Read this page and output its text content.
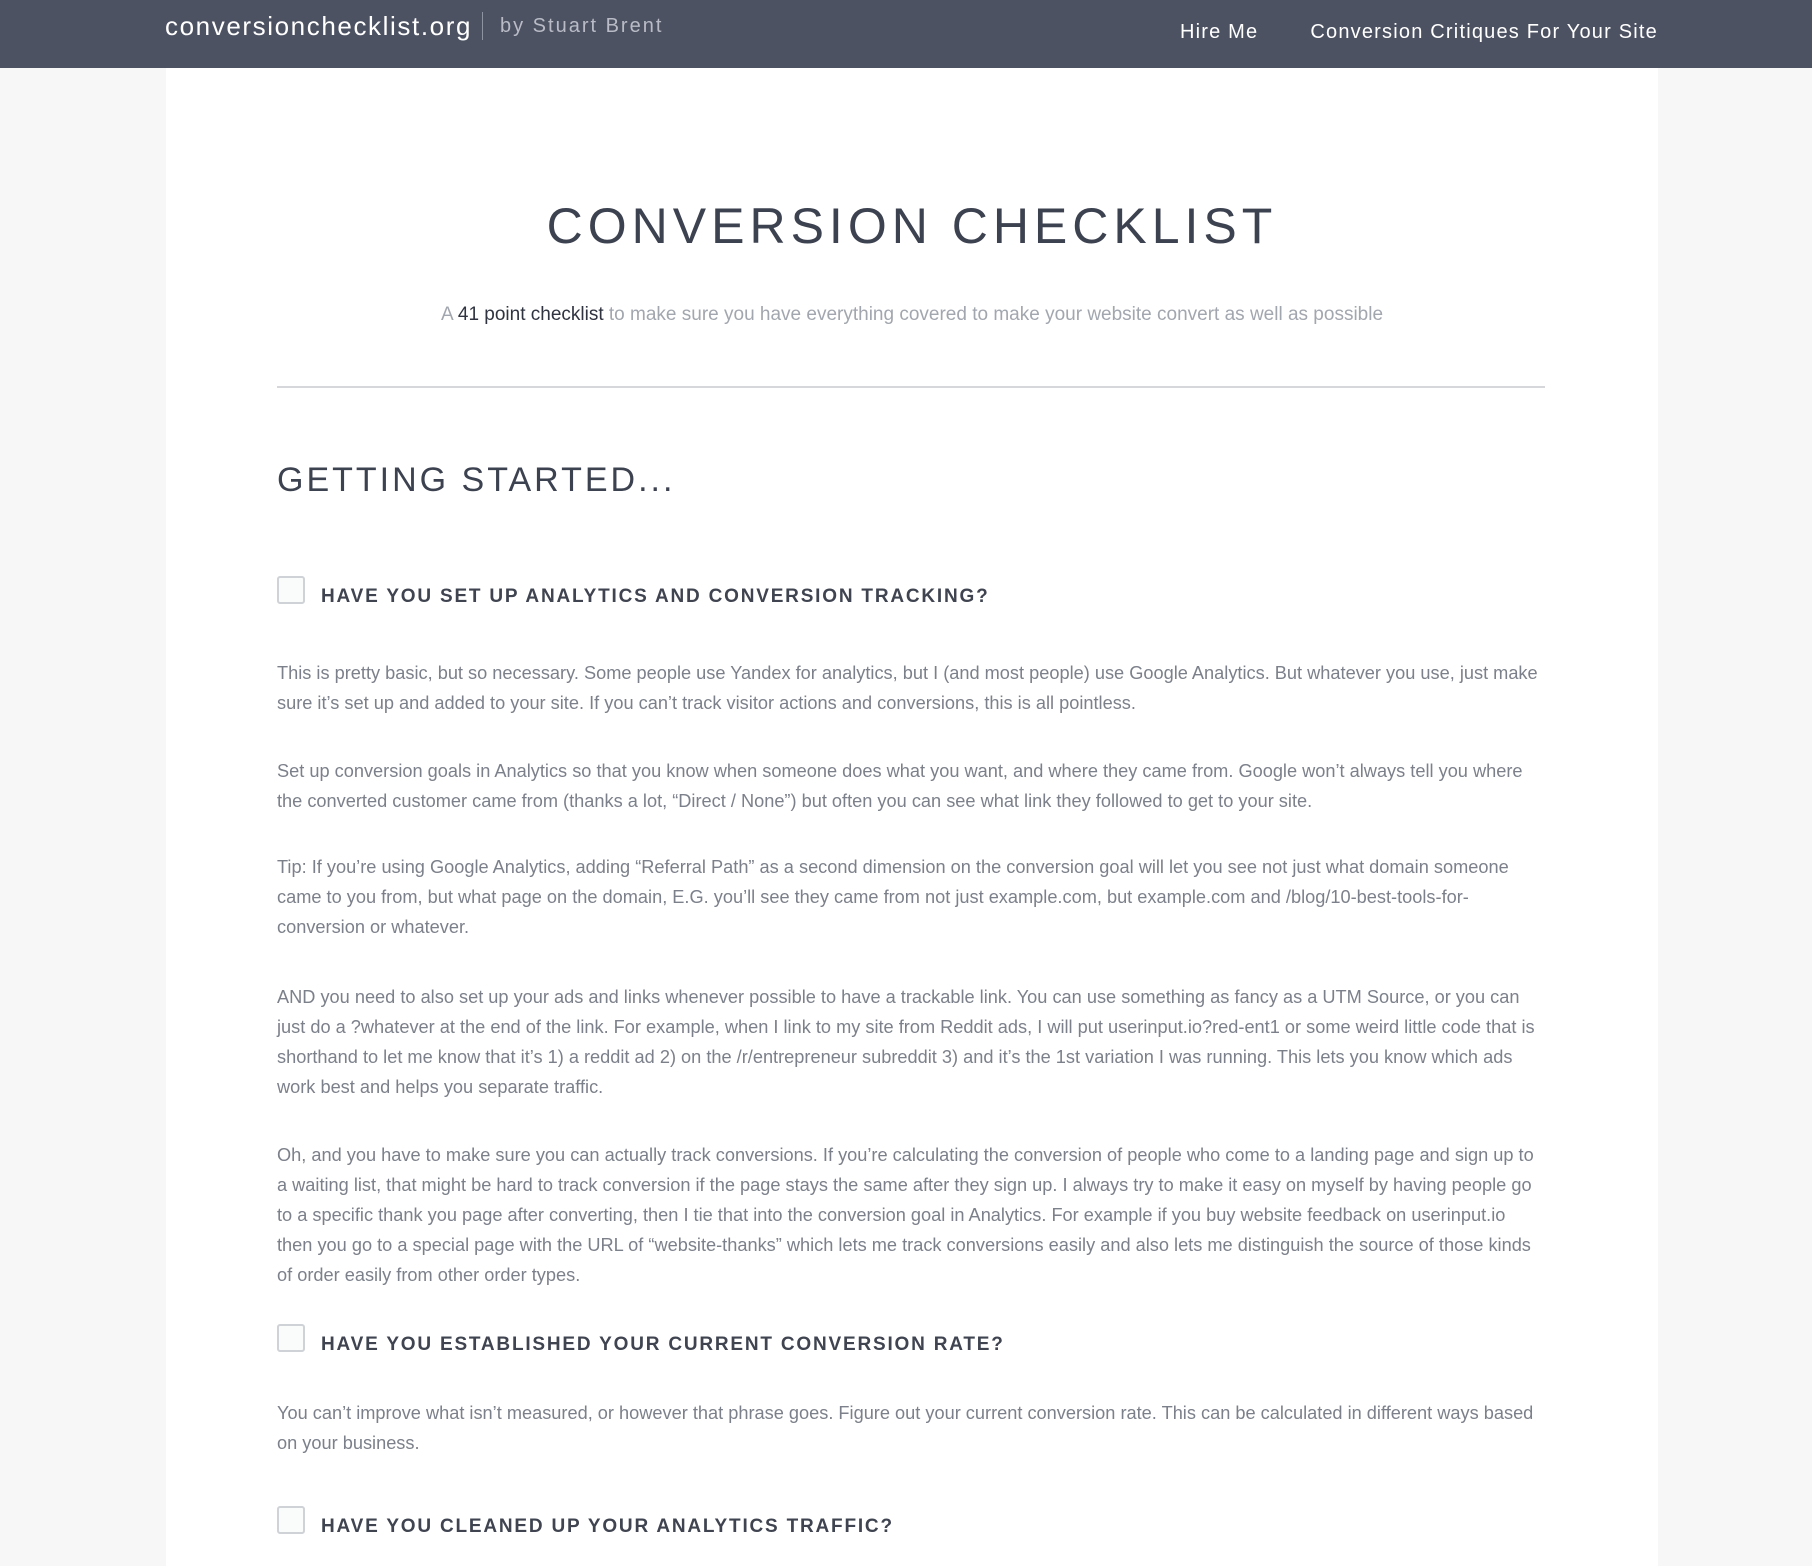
conversionchecklist.org by Stuart Brent	Hire Me	Conversion Critiques For Your Site
CONVERSION CHECKLIST

A 41 point checklist to make sure you have everything covered to make your website convert as well as possible

GETTING STARTED...
HAVE YOU SET UP ANALYTICS AND CONVERSION TRACKING?

This is pretty basic, but so necessary. Some people use Yandex for analytics, but I (and most people) use Google Analytics. But whatever you use, just make sure it’s set up and added to your site. If you can’t track visitor actions and conversions, this is all pointless.

Set up conversion goals in Analytics so that you know when someone does what you want, and where they came from. Google won’t always tell you where the converted customer came from (thanks a lot, “Direct / None”) but often you can see what link they followed to get to your site.

Tip: If you’re using Google Analytics, adding “Referral Path” as a second dimension on the conversion goal will let you see not just what domain someone came to you from, but what page on the domain, E.G. you’ll see they came from not just example.com, but example.com and /blog/10-best-tools-for-conversion or whatever.

AND you need to also set up your ads and links whenever possible to have a trackable link. You can use something as fancy as a UTM Source, or you can just do a ?whatever at the end of the link. For example, when I link to my site from Reddit ads, I will put userinput.io?red-ent1 or some weird little code that is shorthand to let me know that it’s 1) a reddit ad 2) on the /r/entrepreneur subreddit 3) and it’s the 1st variation I was running. This lets you know which ads work best and helps you separate traffic.

Oh, and you have to make sure you can actually track conversions. If you’re calculating the conversion of people who come to a landing page and sign up to a waiting list, that might be hard to track conversion if the page stays the same after they sign up. I always try to make it easy on myself by having people go to a specific thank you page after converting, then I tie that into the conversion goal in Analytics. For example if you buy website feedback on userinput.io then you go to a special page with the URL of “website-thanks” which lets me track conversions easily and also lets me distinguish the source of those kinds of order easily from other order types.

HAVE YOU ESTABLISHED YOUR CURRENT CONVERSION RATE?

You can’t improve what isn’t measured, or however that phrase goes. Figure out your current conversion rate. This can be calculated in different ways based on your business.

HAVE YOU CLEANED UP YOUR ANALYTICS TRAFFIC?
